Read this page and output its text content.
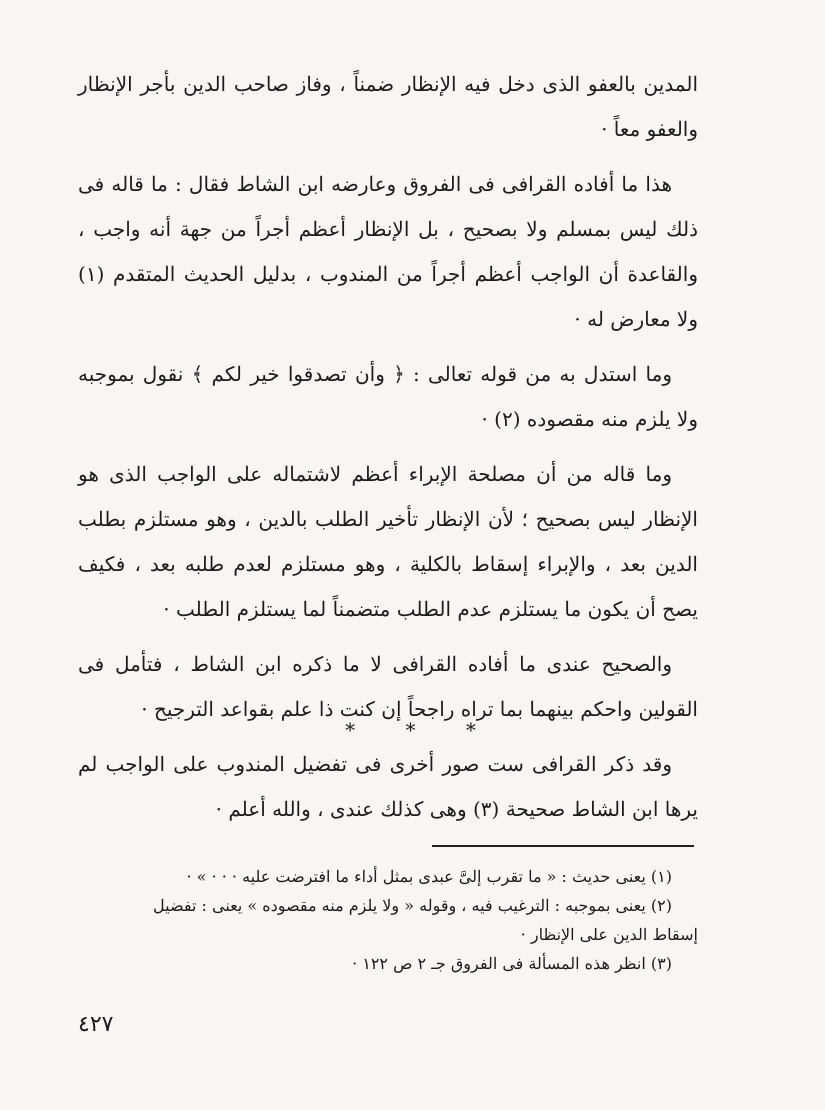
المدين بالعفو الذى دخل فيه الإنظار ضمناً ، وفاز صاحب الدين بأجر الإنظار والعفو معاً ·

هذا ما أفاده القرافى فى الفروق وعارضه ابن الشاط فقال : ما قاله فى ذلك ليس بمسلم ولا بصحيح ، بل الإنظار أعظم أجراً من جهة أنه واجب ، والقاعدة أن الواجب أعظم أجراً من المندوب ، بدليل الحديث المتقدم (١) ولا معارض له ·

وما استدل به من قوله تعالى : ﴿ وأن تصدقوا خير لكم ﴾ نقول بموجبه ولا يلزم منه مقصوده (٢) ·

وما قاله من أن مصلحة الإبراء أعظم لاشتماله على الواجب الذى هو الإنظار ليس بصحيح ؛ لأن الإنظار تأخير الطلب بالدين ، وهو مستلزم بطلب الدين بعد ، والإبراء إسقاط بالكلية ، وهو مستلزم لعدم طلبه بعد ، فكيف يصح أن يكون ما يستلزم عدم الطلب متضمناً لما يستلزم الطلب ·

والصحيح عندى ما أفاده القرافى لا ما ذكره ابن الشاط ، فتأمل فى القولين واحكم بينهما بما تراه راجحاً إن كنت ذا علم بقواعد الترجيح ·

وقد ذكر القرافى ست صور أخرى فى تفضيل المندوب على الواجب لم يرها ابن الشاط صحيحة (٣) وهى كذلك عندى ، والله أعلم ·

* * *

(١) يعنى حديث : « ما تقرب إلىَّ عبدى بمثل أداء ما افترضت عليه · · · » ·

(٢) يعنى بموجبه : الترغيب فيه ، وقوله « ولا يلزم منه مقصوده » يعنى : تفضيل

إسقاط الدين على الإنظار ·

(٣) انظر هذه المسألة فى الفروق جـ ٢ ص ١٢٢ ·

٤٢٧
